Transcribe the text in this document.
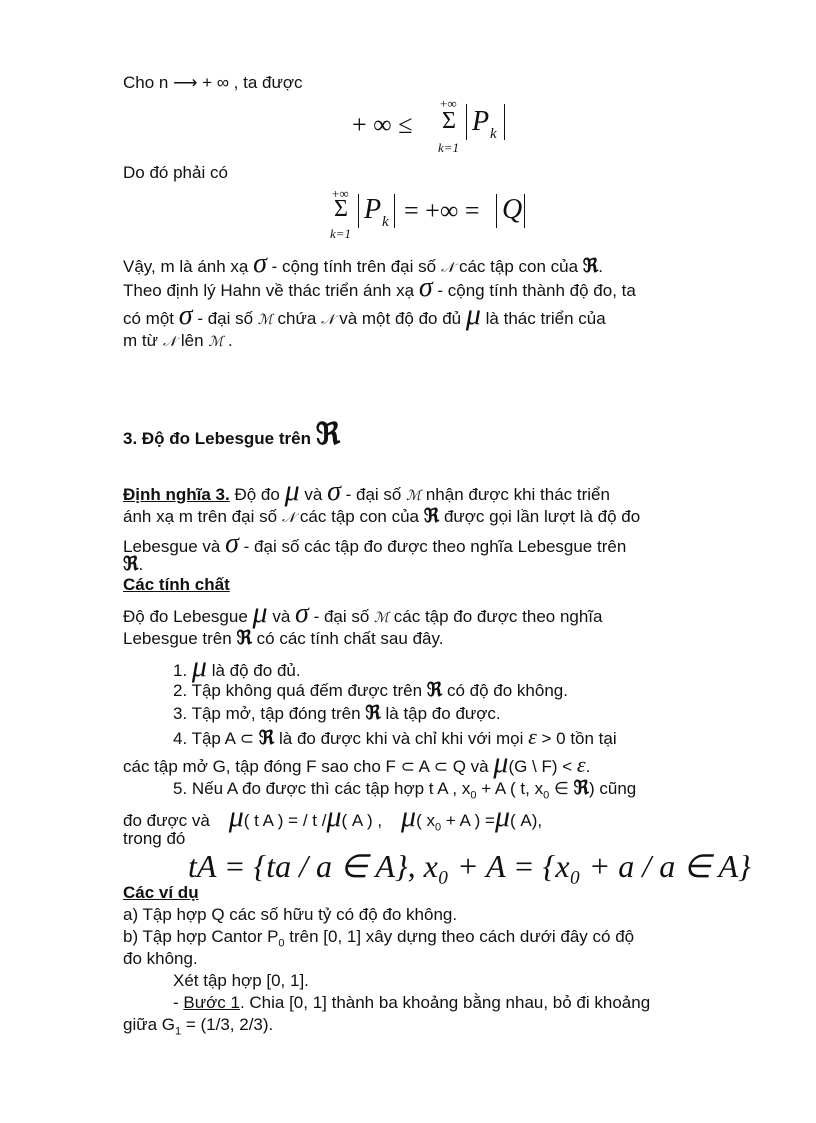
Cho n ⟶ + ∞ , ta được
+ ∞ ≤
+∞
Σ
k=1
P k
Do đó phải có
+∞
Σ
k=1
P k = +∞ = Q
Vậy, m là ánh xạ σ - cộng tính trên đại số 𝒩 các tập con của ℜ.
Theo định lý Hahn về thác triển ánh xạ σ - cộng tính thành độ đo, ta
có một σ - đại số ℳ chứa 𝒩 và một độ đo đủ μ là thác triển của
m từ 𝒩 lên ℳ .
3. Độ đo Lebesgue trên ℜ
Định nghĩa 3. Độ đo μ và σ - đại số ℳ nhận được khi thác triển
ánh xạ m trên đại số 𝒩 các tập con của ℜ được gọi lần lượt là độ đo
Lebesgue và σ - đại số các tập đo được theo nghĩa Lebesgue trên
ℜ.
Các tính chất
Độ đo Lebesgue μ và σ - đại số ℳ các tập đo được theo nghĩa
Lebesgue trên ℜ có các tính chất sau đây.
1. μ là độ đo đủ.
2. Tập không quá đếm được trên ℜ có độ đo không.
3. Tập mở, tập đóng trên ℜ là tập đo được.
4. Tập A ⊂ ℜ là đo được khi và chỉ khi với mọi ε > 0 tồn tại
các tập mở G, tập đóng F sao cho F ⊂ A ⊂ Q và μ(G \ F) < ε.
5. Nếu A đo được thì các tập hợp t A , $x_0 + A$ ( t, $x_0$ ∈ ℜ) cũng
đo được và μ( t A ) = / t /μ( A ) , μ( $x_0 + A$ ) =μ( A),
trong đó
tA = {ta / a ∈ A}, x₀ + A = {x₀ + a / a ∈ A}
Các ví dụ
a) Tập hợp Q các số hữu tỷ có độ đo không.
b) Tập hợp Cantor $P_0$ trên [0, 1] xây dựng theo cách dưới đây có độ
đo không.
Xét tập hợp [0, 1].
- Bước 1. Chia [0, 1] thành ba khoảng bằng nhau, bỏ đi khoảng
giữa $G_1 = (1/3$, 2/3).
